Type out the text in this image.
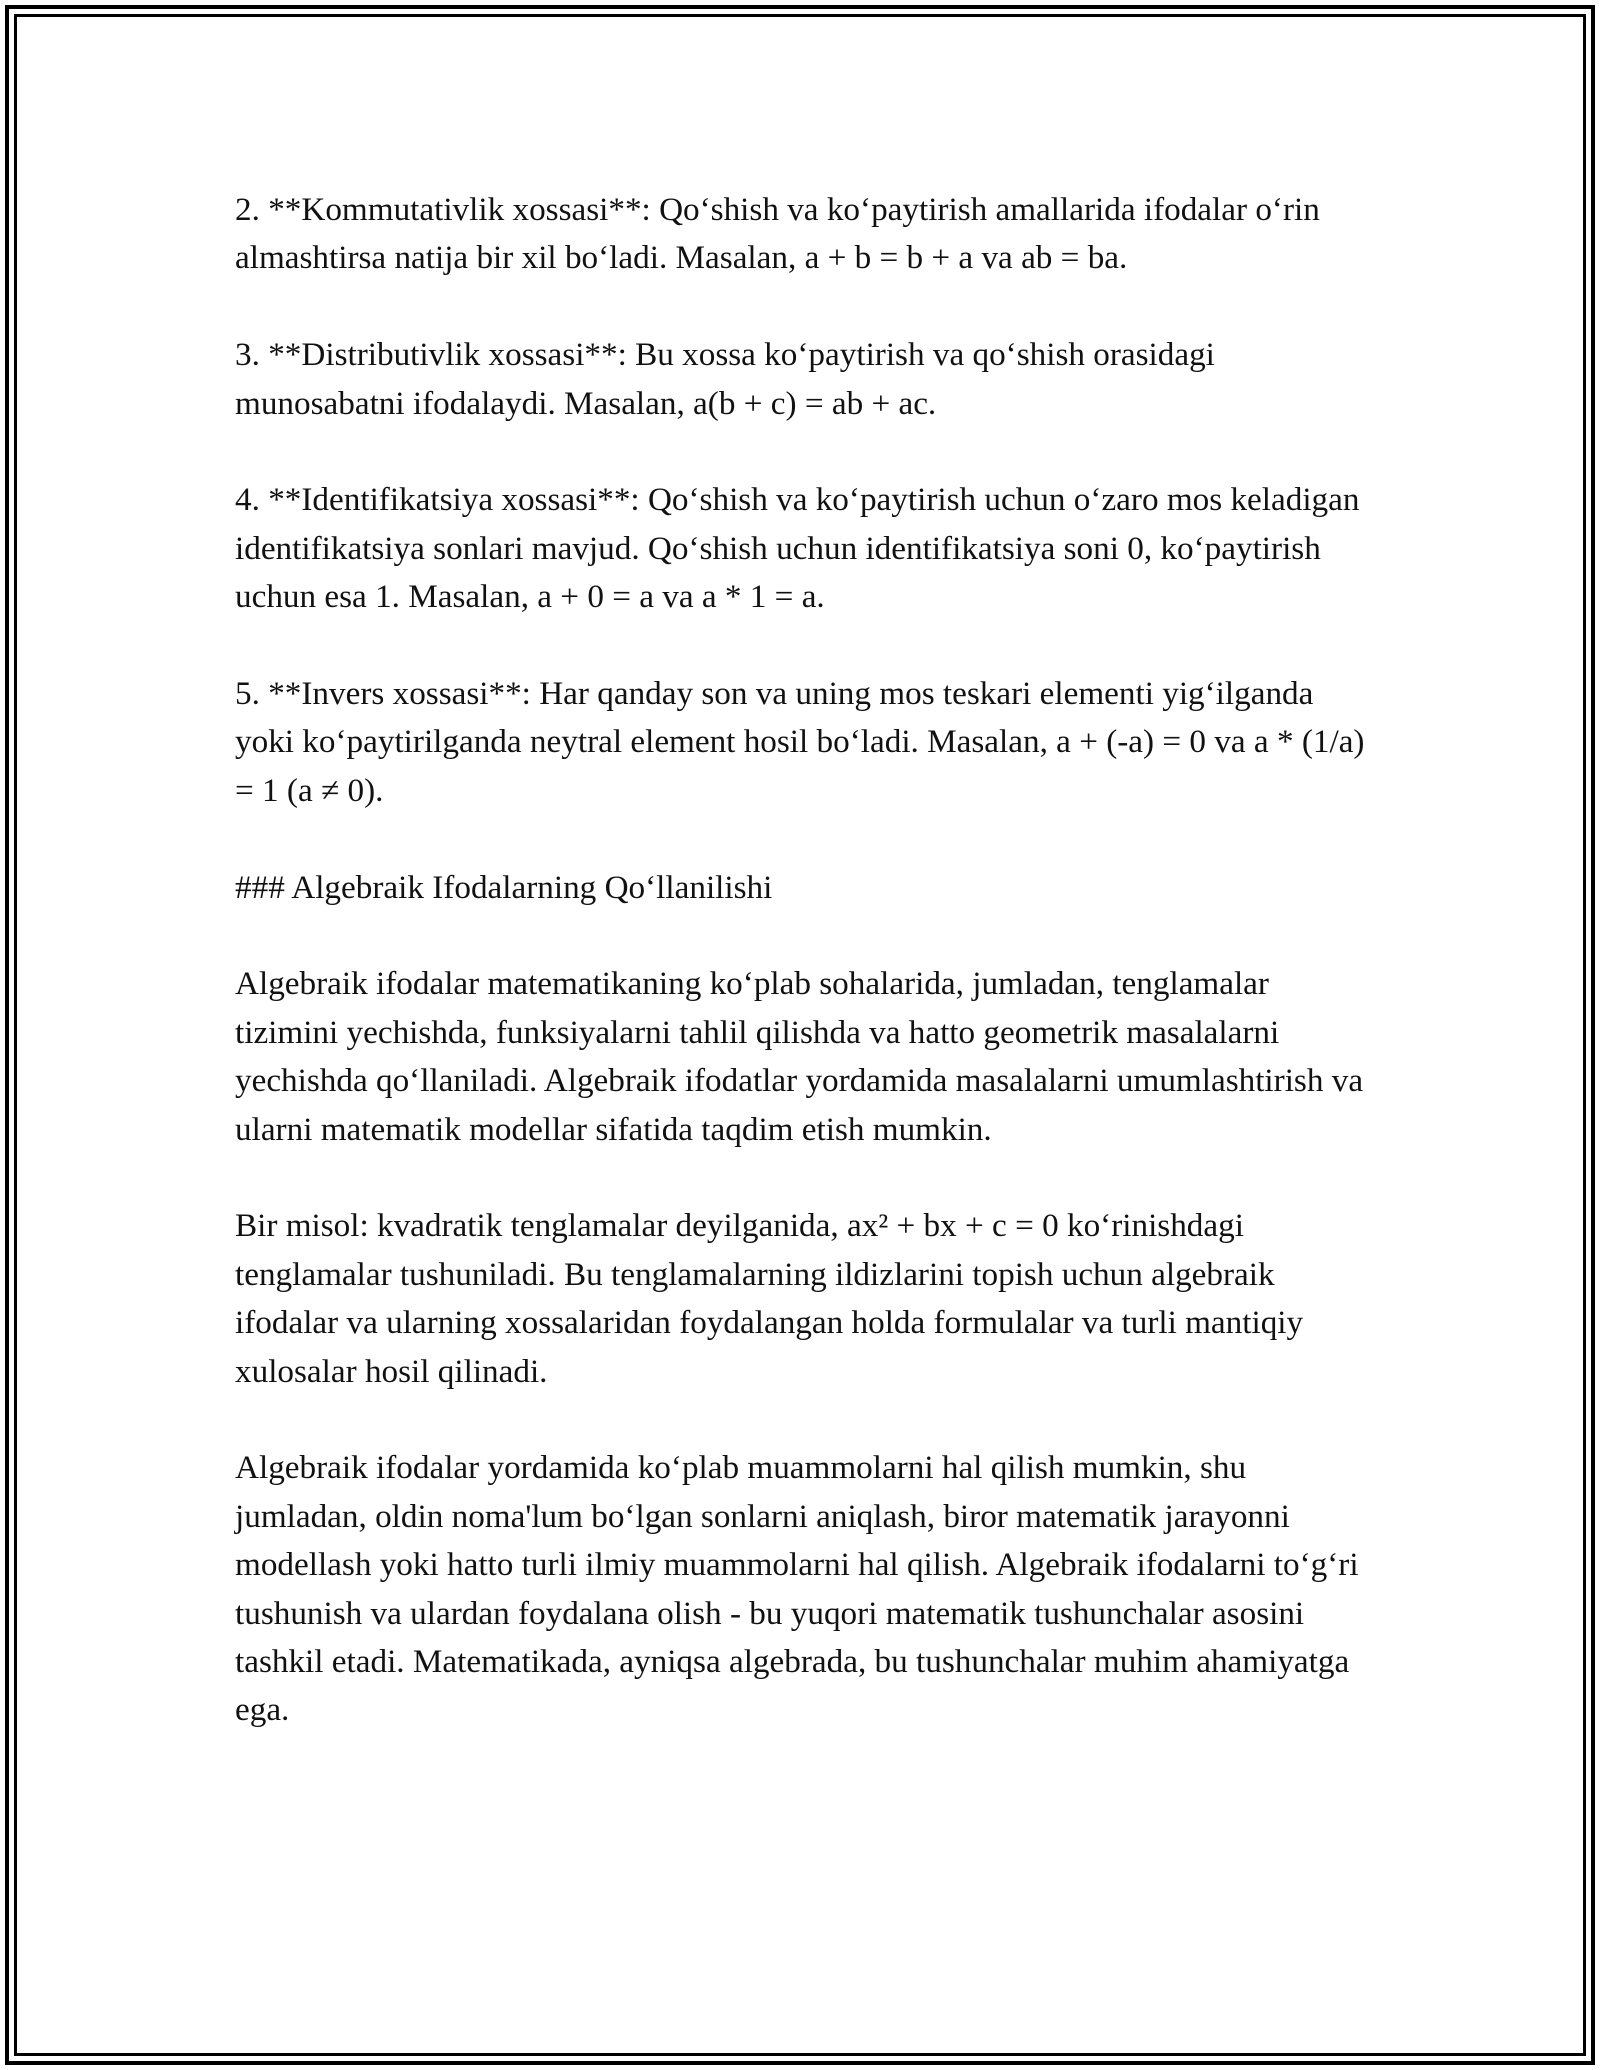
2. **Kommutativlik xossasi**: Qo‘shish va ko‘paytirish amallarida ifodalar o‘rin almashtirsa natija bir xil bo‘ladi. Masalan, a + b = b + a va ab = ba.

3. **Distributivlik xossasi**: Bu xossa ko‘paytirish va qo‘shish orasidagi munosabatni ifodalaydi. Masalan, a(b + c) = ab + ac.

4. **Identifikatsiya xossasi**: Qo‘shish va ko‘paytirish uchun o‘zaro mos keladigan identifikatsiya sonlari mavjud. Qo‘shish uchun identifikatsiya soni 0, ko‘paytirish uchun esa 1. Masalan, a + 0 = a va a * 1 = a.

5. **Invers xossasi**: Har qanday son va uning mos teskari elementi yig‘ilganda yoki ko‘paytirilganda neytral element hosil bo‘ladi. Masalan, a + (-a) = 0 va a * (1/a) = 1 (a ≠ 0).

### Algebraik Ifodalarning Qo‘llanilishi

Algebraik ifodalar matematikaning ko‘plab sohalarida, jumladan, tenglamalar tizimini yechishda, funksiyalarni tahlil qilishda va hatto geometrik masalalarni yechishda qo‘llaniladi. Algebraik ifodatlar yordamida masalalarni umumlashtirish va ularni matematik modellar sifatida taqdim etish mumkin.

Bir misol: kvadratik tenglamalar deyilganida, ax² + bx + c = 0 ko‘rinishdagi tenglamalar tushuniladi. Bu tenglamalarning ildizlarini topish uchun algebraik ifodalar va ularning xossalaridan foydalangan holda formulalar va turli mantiqiy xulosalar hosil qilinadi.

Algebraik ifodalar yordamida ko‘plab muammolarni hal qilish mumkin, shu jumladan, oldin noma'lum bo‘lgan sonlarni aniqlash, biror matematik jarayonni modellash yoki hatto turli ilmiy muammolarni hal qilish. Algebraik ifodalarni to‘g‘ri tushunish va ulardan foydalana olish - bu yuqori matematik tushunchalar asosini tashkil etadi. Matematikada, ayniqsa algebrada, bu tushunchalar muhim ahamiyatga ega.
